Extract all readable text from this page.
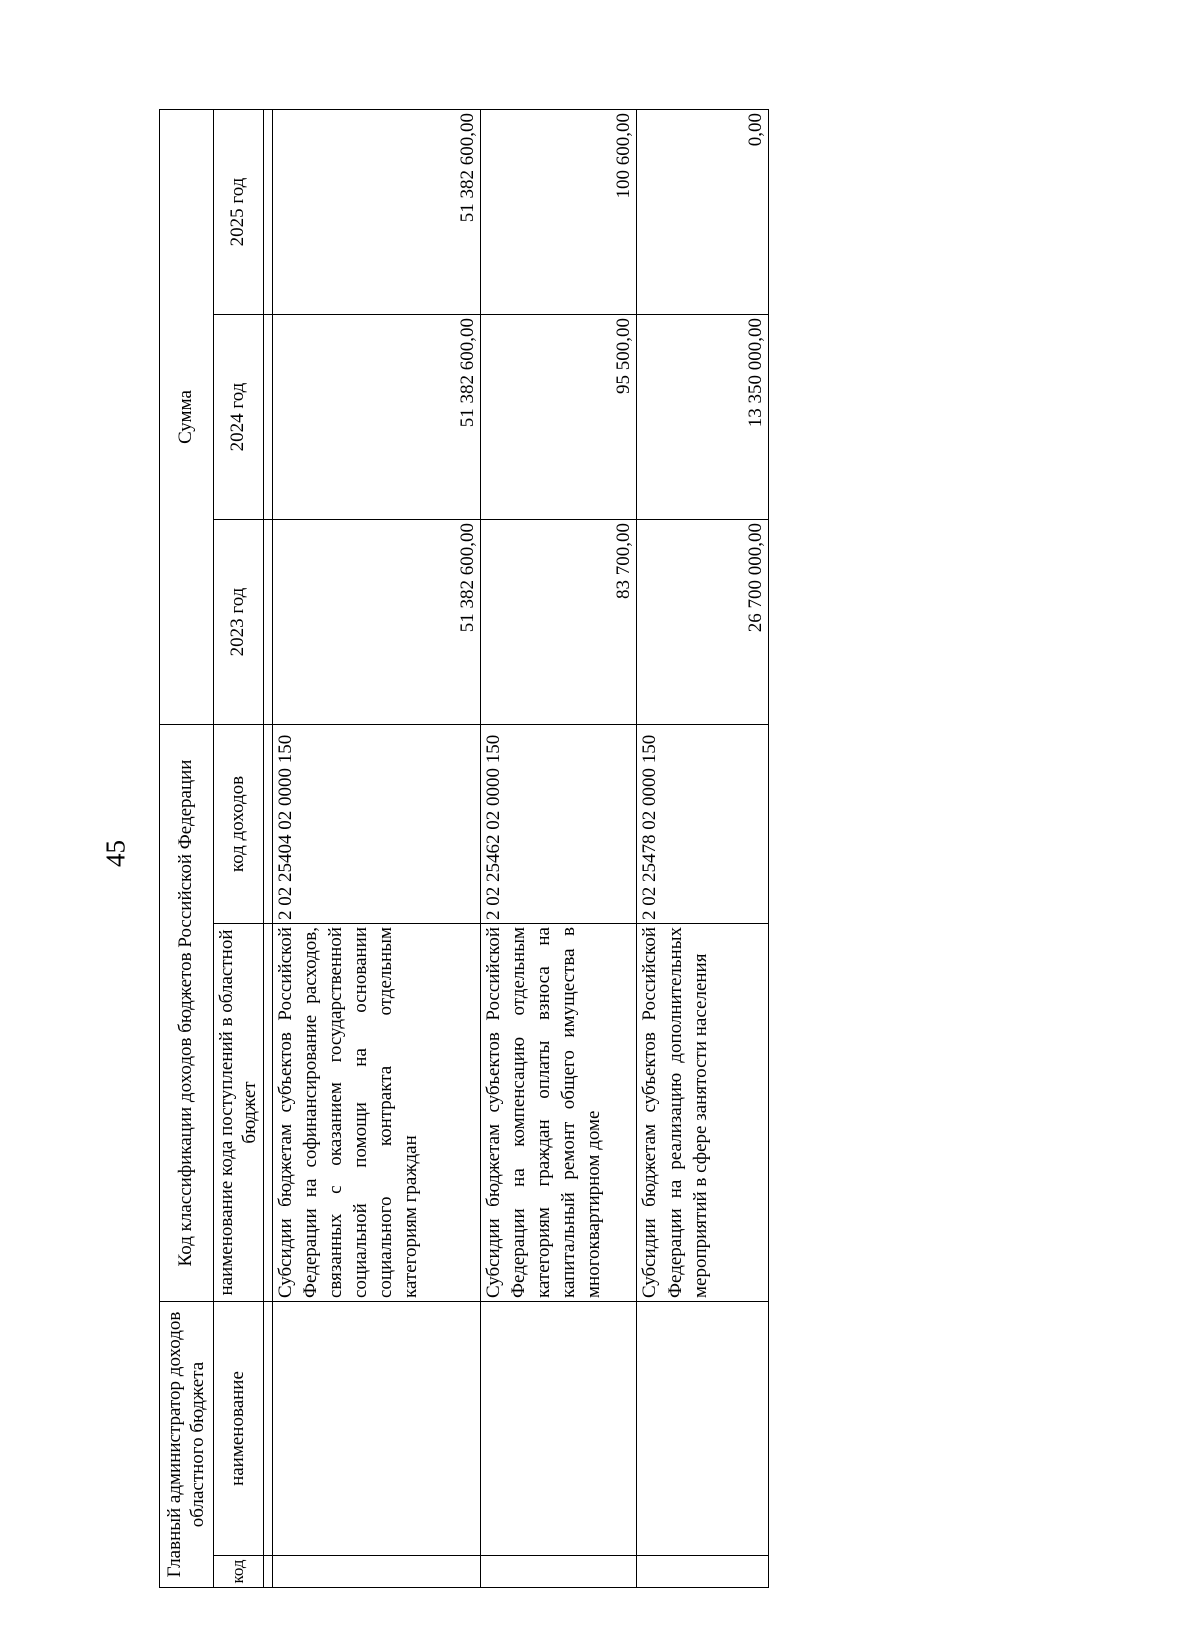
45
Главный администратор доходов областного бюджета		Код классификации доходов бюджетов Российской Федерации		Сумма		
код	наименование	наименование кода поступлений в областной бюджет	код доходов	2023 год	2024 год	2025 год

		Субсидии бюджетам субъектов Российской Федерации на софинансирование расходов, связанных с оказанием государственной социальной помощи на основании социального контракта отдельным категориям граждан	2 02 25404 02 0000 150	51 382 600,00	51 382 600,00	51 382 600,00
		Субсидии бюджетам субъектов Российской Федерации на компенсацию отдельным категориям граждан оплаты взноса на капитальный ремонт общего имущества в многоквартирном доме	2 02 25462 02 0000 150	83 700,00	95 500,00	100 600,00
		Субсидии бюджетам субъектов Российской Федерации на реализацию дополнительных мероприятий в сфере занятости населения	2 02 25478 02 0000 150	26 700 000,00	13 350 000,00	0,00
